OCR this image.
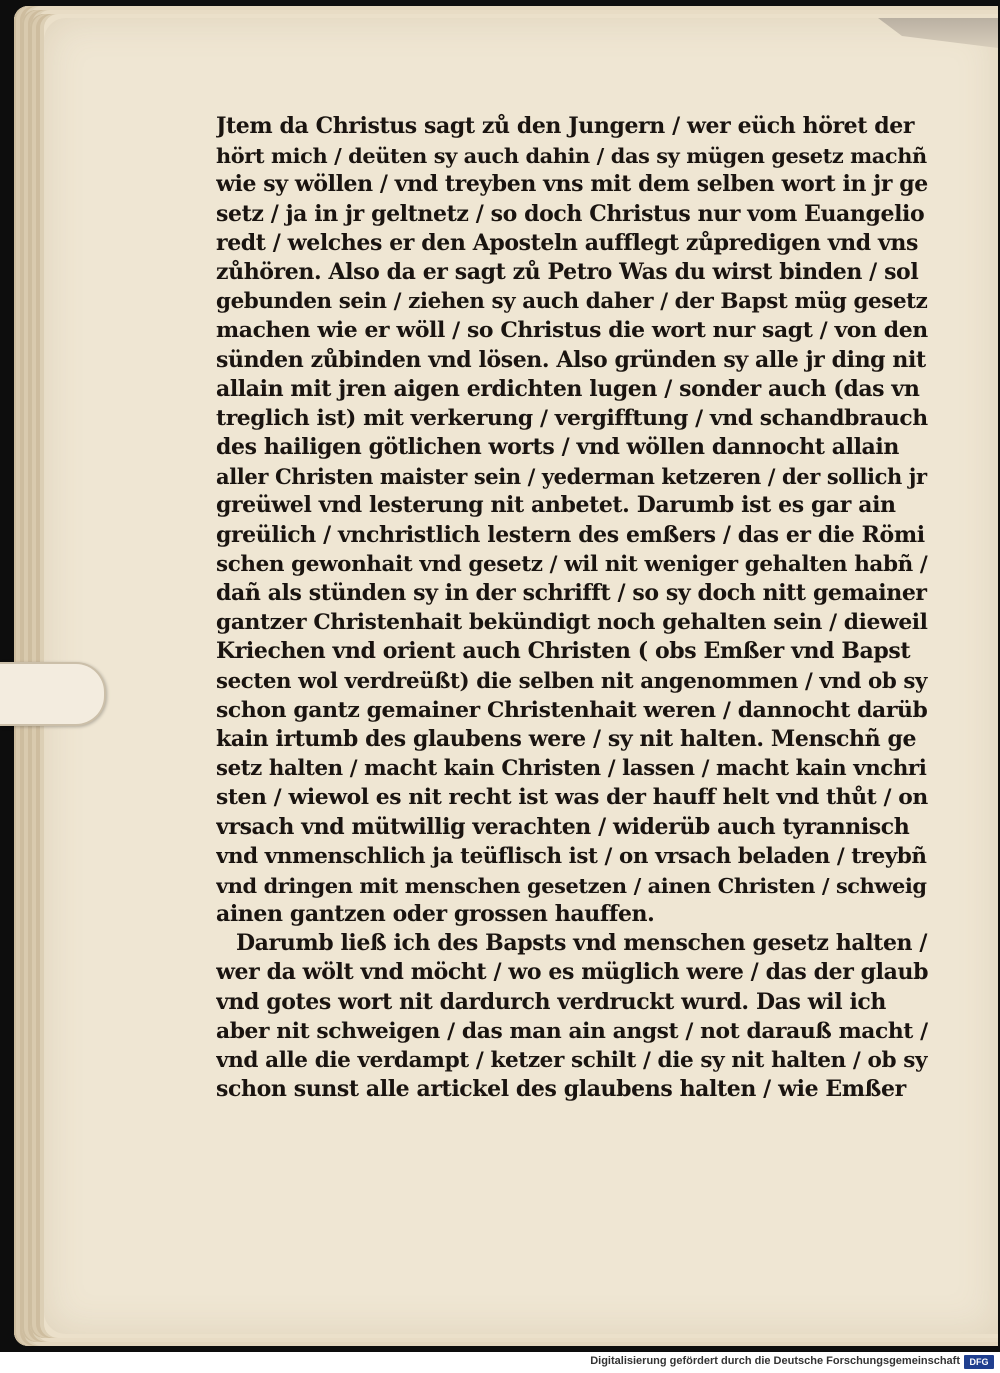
Jtem da Christus sagt zů den Jungern / wer eüch höret der
hört mich / deüten sy auch dahin / das sy mügen gesetz machñ
wie sy wöllen / vnd treyben vns mit dem selben wort in jr ge
setz / ja in jr geltnetz / so doch Christus nur vom Euangelio
redt / welches er den Aposteln aufflegt zůpredigen vnd vns
zůhören. Also da er sagt zů Petro Was du wirst binden / sol
gebunden sein / ziehen sy auch daher / der Bapst müg gesetz
machen wie er wöll / so Christus die wort nur sagt / von den
sünden zůbinden vnd lösen. Also gründen sy alle jr ding nit
allain mit jren aigen erdichten lugen / sonder auch (das vn
treglich ist) mit verkerung / vergifftung / vnd schandbrauch
des hailigen götlichen worts / vnd wöllen dannocht allain
aller Christen maister sein / yederman ketzeren / der sollich jr
greüwel vnd lesterung nit anbetet. Darumb ist es gar ain
greülich / vnchristlich lestern des emßers / das er die Römi
schen gewonhait vnd gesetz / wil nit weniger gehalten habñ /
dañ als stünden sy in der schrifft / so sy doch nitt gemainer
gantzer Christenhait bekündigt noch gehalten sein / dieweil
Kriechen vnd orient auch Christen ( obs Emßer vnd Bapst
secten wol verdreüßt) die selben nit angenommen / vnd ob sy
schon gantz gemainer Christenhait weren / dannocht darüb
kain irtumb des glaubens were / sy nit halten. Menschñ ge
setz halten / macht kain Christen / lassen / macht kain vnchri
sten / wiewol es nit recht ist was der hauff helt vnd thůt / on
vrsach vnd mütwillig verachten / widerüb auch tyrannisch
vnd vnmenschlich ja teüflisch ist / on vrsach beladen / treybñ
vnd dringen mit menschen gesetzen / ainen Christen / schweig
ainen gantzen oder grossen hauffen.
Darumb ließ ich des Bapsts vnd menschen gesetz halten /
wer da wölt vnd möcht / wo es müglich were / das der glaub
vnd gotes wort nit dardurch verdruckt wurd. Das wil ich
aber nit schweigen / das man ain angst / not darauß macht /
vnd alle die verdampt / ketzer schilt / die sy nit halten / ob sy
schon sunst alle artickel des glaubens halten / wie Emßer
Digitalisierung gefördert durch die Deutsche Forschungsgemeinschaft	DFG
